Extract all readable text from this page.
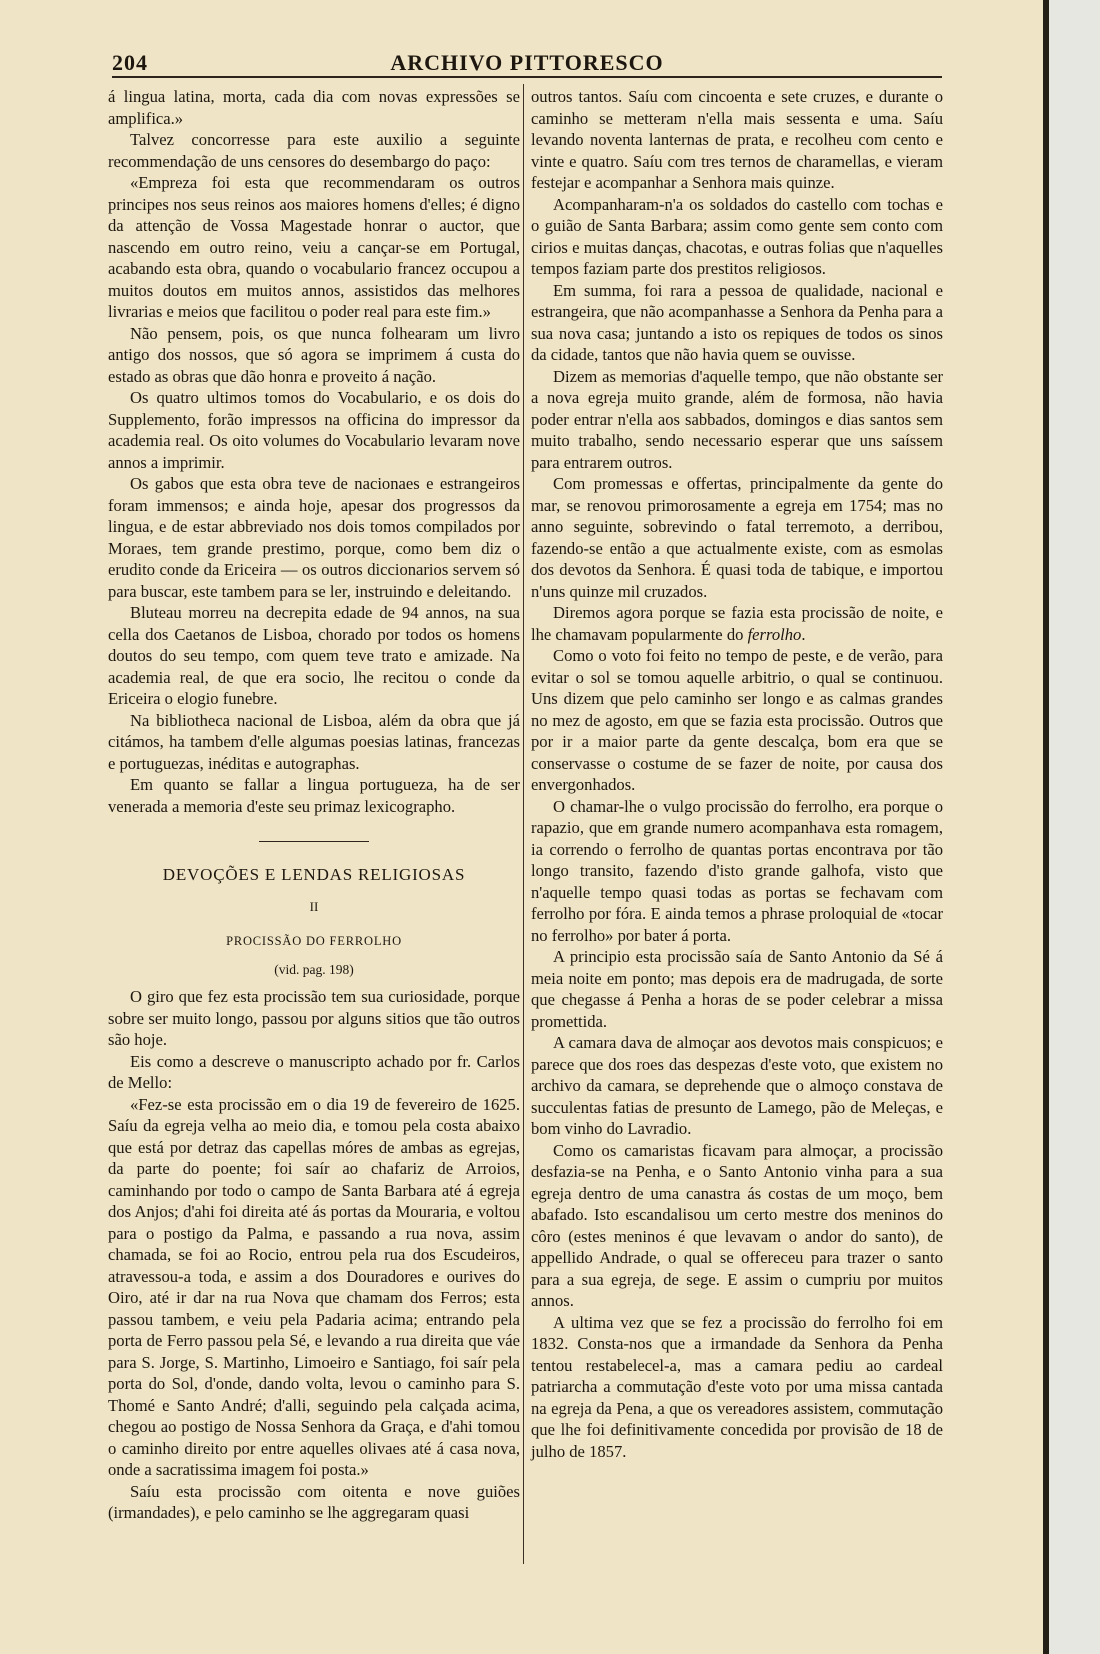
204	ARCHIVO PITTORESCO

á lingua latina, morta, cada dia com novas expressões se amplifica.»

Talvez concorresse para este auxilio a seguinte recommendação de uns censores do desembargo do paço:

«Empreza foi esta que recommendaram os outros principes nos seus reinos aos maiores homens d'elles; é digno da attenção de Vossa Magestade honrar o auctor, que nascendo em outro reino, veiu a cançar-se em Portugal, acabando esta obra, quando o vocabulario francez occupou a muitos doutos em muitos annos, assistidos das melhores livrarias e meios que facilitou o poder real para este fim.»

Não pensem, pois, os que nunca folhearam um livro antigo dos nossos, que só agora se imprimem á custa do estado as obras que dão honra e proveito á nação.

Os quatro ultimos tomos do Vocabulario, e os dois do Supplemento, forão impressos na officina do impressor da academia real. Os oito volumes do Vocabulario levaram nove annos a imprimir.

Os gabos que esta obra teve de nacionaes e estrangeiros foram immensos; e ainda hoje, apesar dos progressos da lingua, e de estar abbreviado nos dois tomos compilados por Moraes, tem grande prestimo, porque, como bem diz o erudito conde da Ericeira — os outros diccionarios servem só para buscar, este tambem para se ler, instruindo e deleitando.

Bluteau morreu na decrepita edade de 94 annos, na sua cella dos Caetanos de Lisboa, chorado por todos os homens doutos do seu tempo, com quem teve trato e amizade. Na academia real, de que era socio, lhe recitou o conde da Ericeira o elogio funebre.

Na bibliotheca nacional de Lisboa, além da obra que já citámos, ha tambem d'elle algumas poesias latinas, francezas e portuguezas, inéditas e autographas.

Em quanto se fallar a lingua portugueza, ha de ser venerada a memoria d'este seu primaz lexicographo.

DEVOÇÕES E LENDAS RELIGIOSAS
II
PROCISSÃO DO FERROLHO
(vid. pag. 198)

O giro que fez esta procissão tem sua curiosidade, porque sobre ser muito longo, passou por alguns sitios que tão outros são hoje.

Eis como a descreve o manuscripto achado por fr. Carlos de Mello:

«Fez-se esta procissão em o dia 19 de fevereiro de 1625. Saíu da egreja velha ao meio dia, e tomou pela costa abaixo que está por detraz das capellas móres de ambas as egrejas, da parte do poente; foi saír ao chafariz de Arroios, caminhando por todo o campo de Santa Barbara até á egreja dos Anjos; d'ahi foi direita até ás portas da Mouraria, e voltou para o postigo da Palma, e passando a rua nova, assim chamada, se foi ao Rocio, entrou pela rua dos Escudeiros, atravessou-a toda, e assim a dos Douradores e ourives do Oiro, até ir dar na rua Nova que chamam dos Ferros; esta passou tambem, e veiu pela Padaria acima; entrando pela porta de Ferro passou pela Sé, e levando a rua direita que váe para S. Jorge, S. Martinho, Limoeiro e Santiago, foi saír pela porta do Sol, d'onde, dando volta, levou o caminho para S. Thomé e Santo André; d'alli, seguindo pela calçada acima, chegou ao postigo de Nossa Senhora da Graça, e d'ahi tomou o caminho direito por entre aquelles olivaes até á casa nova, onde a sacratissima imagem foi posta.»

Saíu esta procissão com oitenta e nove guiões (irmandades), e pelo caminho se lhe aggregaram quasi

outros tantos. Saíu com cincoenta e sete cruzes, e durante o caminho se metteram n'ella mais sessenta e uma. Saíu levando noventa lanternas de prata, e recolheu com cento e vinte e quatro. Saíu com tres ternos de charamellas, e vieram festejar e acompanhar a Senhora mais quinze.

Acompanharam-n'a os soldados do castello com tochas e o guião de Santa Barbara; assim como gente sem conto com cirios e muitas danças, chacotas, e outras folias que n'aquelles tempos faziam parte dos prestitos religiosos.

Em summa, foi rara a pessoa de qualidade, nacional e estrangeira, que não acompanhasse a Senhora da Penha para a sua nova casa; juntando a isto os repiques de todos os sinos da cidade, tantos que não havia quem se ouvisse.

Dizem as memorias d'aquelle tempo, que não obstante ser a nova egreja muito grande, além de formosa, não havia poder entrar n'ella aos sabbados, domingos e dias santos sem muito trabalho, sendo necessario esperar que uns saíssem para entrarem outros.

Com promessas e offertas, principalmente da gente do mar, se renovou primorosamente a egreja em 1754; mas no anno seguinte, sobrevindo o fatal terremoto, a derribou, fazendo-se então a que actualmente existe, com as esmolas dos devotos da Senhora. É quasi toda de tabique, e importou n'uns quinze mil cruzados.

Diremos agora porque se fazia esta procissão de noite, e lhe chamavam popularmente do ferrolho.

Como o voto foi feito no tempo de peste, e de verão, para evitar o sol se tomou aquelle arbitrio, o qual se continuou. Uns dizem que pelo caminho ser longo e as calmas grandes no mez de agosto, em que se fazia esta procissão. Outros que por ir a maior parte da gente descalça, bom era que se conservasse o costume de se fazer de noite, por causa dos envergonhados.

O chamar-lhe o vulgo procissão do ferrolho, era porque o rapazio, que em grande numero acompanhava esta romagem, ia correndo o ferrolho de quantas portas encontrava por tão longo transito, fazendo d'isto grande galhofa, visto que n'aquelle tempo quasi todas as portas se fechavam com ferrolho por fóra. E ainda temos a phrase proloquial de «tocar no ferrolho» por bater á porta.

A principio esta procissão saía de Santo Antonio da Sé á meia noite em ponto; mas depois era de madrugada, de sorte que chegasse á Penha a horas de se poder celebrar a missa promettida.

A camara dava de almoçar aos devotos mais conspicuos; e parece que dos roes das despezas d'este voto, que existem no archivo da camara, se deprehende que o almoço constava de succulentas fatias de presunto de Lamego, pão de Meleças, e bom vinho do Lavradio.

Como os camaristas ficavam para almoçar, a procissão desfazia-se na Penha, e o Santo Antonio vinha para a sua egreja dentro de uma canastra ás costas de um moço, bem abafado. Isto escandalisou um certo mestre dos meninos do côro (estes meninos é que levavam o andor do santo), de appellido Andrade, o qual se offereceu para trazer o santo para a sua egreja, de sege. E assim o cumpriu por muitos annos.

A ultima vez que se fez a procissão do ferrolho foi em 1832. Consta-nos que a irmandade da Senhora da Penha tentou restabelecel-a, mas a camara pediu ao cardeal patriarcha a commutação d'este voto por uma missa cantada na egreja da Pena, a que os vereadores assistem, commutação que lhe foi definitivamente concedida por provisão de 18 de julho de 1857.
